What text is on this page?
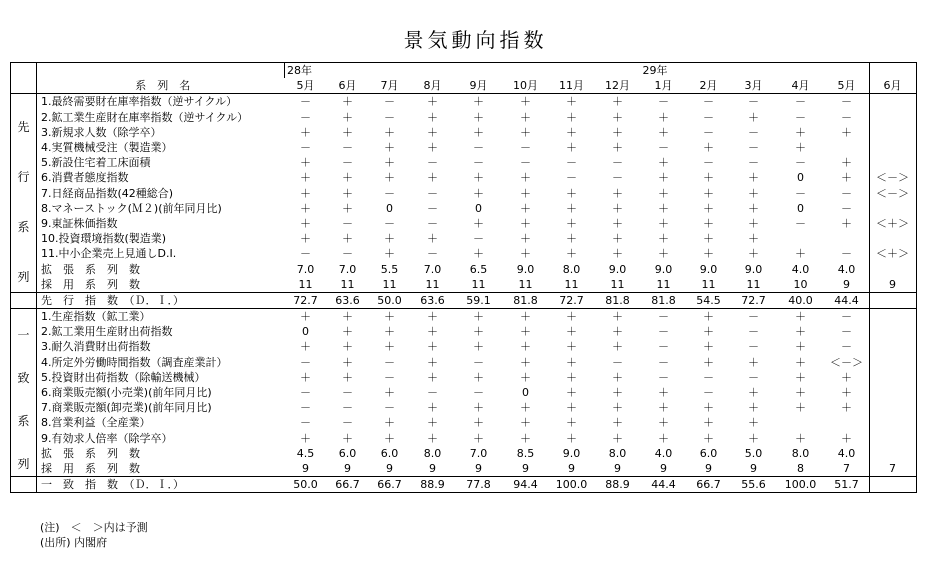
景気動向指数
		28年								29年					6月
	系　列　名	5月	6月	7月	8月	9月	10月	11月	12月	1月	2月	3月	4月	5月	

先
行
系
列	1.最終需要財在庫率指数（逆サイクル）	－	＋	－	＋	＋	＋	＋	＋	－	－	－	－	－	
	2.鉱工業生産財在庫率指数（逆サイクル）	－	＋	－	＋	＋	＋	＋	＋	＋	－	＋	－	－	
	3.新規求人数（除学卒）	＋	＋	＋	＋	＋	＋	＋	＋	＋	－	－	＋	＋	
	4.実質機械受注（製造業）	－	－	＋	＋	－	－	＋	＋	－	＋	－	＋		
	5.新設住宅着工床面積	＋	－	＋	－	－	－	－	－	＋	－	－	－	＋	
	6.消費者態度指数	＋	＋	＋	＋	＋	＋	－	－	＋	＋	＋	0	＋	＜－＞
	7.日経商品指数(42種総合)	＋	＋	－	－	＋	＋	＋	＋	＋	＋	＋	－	－	＜－＞
	8.マネーストック(Ｍ２)(前年同月比)	＋	＋	0	－	0	＋	＋	＋	＋	＋	＋	0	－	
	9.東証株価指数	＋	－	－	－	＋	＋	＋	＋	＋	＋	＋	－	＋	＜＋＞
	10.投資環境指数(製造業)	＋	＋	＋	＋	－	＋	＋	＋	＋	＋	＋			
	11.中小企業売上見通しD.I.	－	－	＋	－	＋	＋	＋	＋	＋	＋	＋	＋	－	＜＋＞
	拡　張　系　列　数	7.0	7.0	5.5	7.0	6.5	9.0	8.0	9.0	9.0	9.0	9.0	4.0	4.0	
	採　用　系　列　数	11	11	11	11	11	11	11	11	11	11	11	10	9	9
	先　行　指　数　（Ｄ．Ｉ．）	72.7	63.6	50.0	63.6	59.1	81.8	72.7	81.8	81.8	54.5	72.7	40.0	44.4	

一
致
系
列	1.生産指数（鉱工業）	＋	＋	＋	＋	＋	＋	＋	＋	－	＋	－	＋	－	
	2.鉱工業用生産財出荷指数	0	＋	＋	＋	＋	＋	＋	＋	－	＋	－	＋	－	
	3.耐久消費財出荷指数	＋	＋	＋	＋	＋	＋	＋	＋	－	＋	－	＋	－	
	4.所定外労働時間指数（調査産業計）	－	＋	－	＋	－	＋	＋	－	－	＋	＋	＋	＜－＞	
	5.投資財出荷指数（除輸送機械）	＋	＋	－	＋	＋	＋	＋	＋	－	－	－	＋	＋	
	6.商業販売額(小売業)(前年同月比)	－	－	＋	－	－	0	＋	＋	＋	－	＋	＋	＋	
	7.商業販売額(卸売業)(前年同月比)	－	－	－	＋	＋	＋	＋	＋	＋	＋	＋	＋	＋	
	8.営業利益（全産業）	－	－	＋	＋	＋	＋	＋	＋	＋	＋	＋			
	9.有効求人倍率（除学卒）	＋	＋	＋	＋	＋	＋	＋	＋	＋	＋	＋	＋	＋	
	拡　張　系　列　数	4.5	6.0	6.0	8.0	7.0	8.5	9.0	8.0	4.0	6.0	5.0	8.0	4.0	
	採　用　系　列　数	9	9	9	9	9	9	9	9	9	9	9	8	7	7
	一　致　指　数　（Ｄ．Ｉ．）	50.0	66.7	66.7	88.9	77.8	94.4	100.0	88.9	44.4	66.7	55.6	100.0	51.7	
(注)　＜　＞内は予測
(出所) 内閣府
